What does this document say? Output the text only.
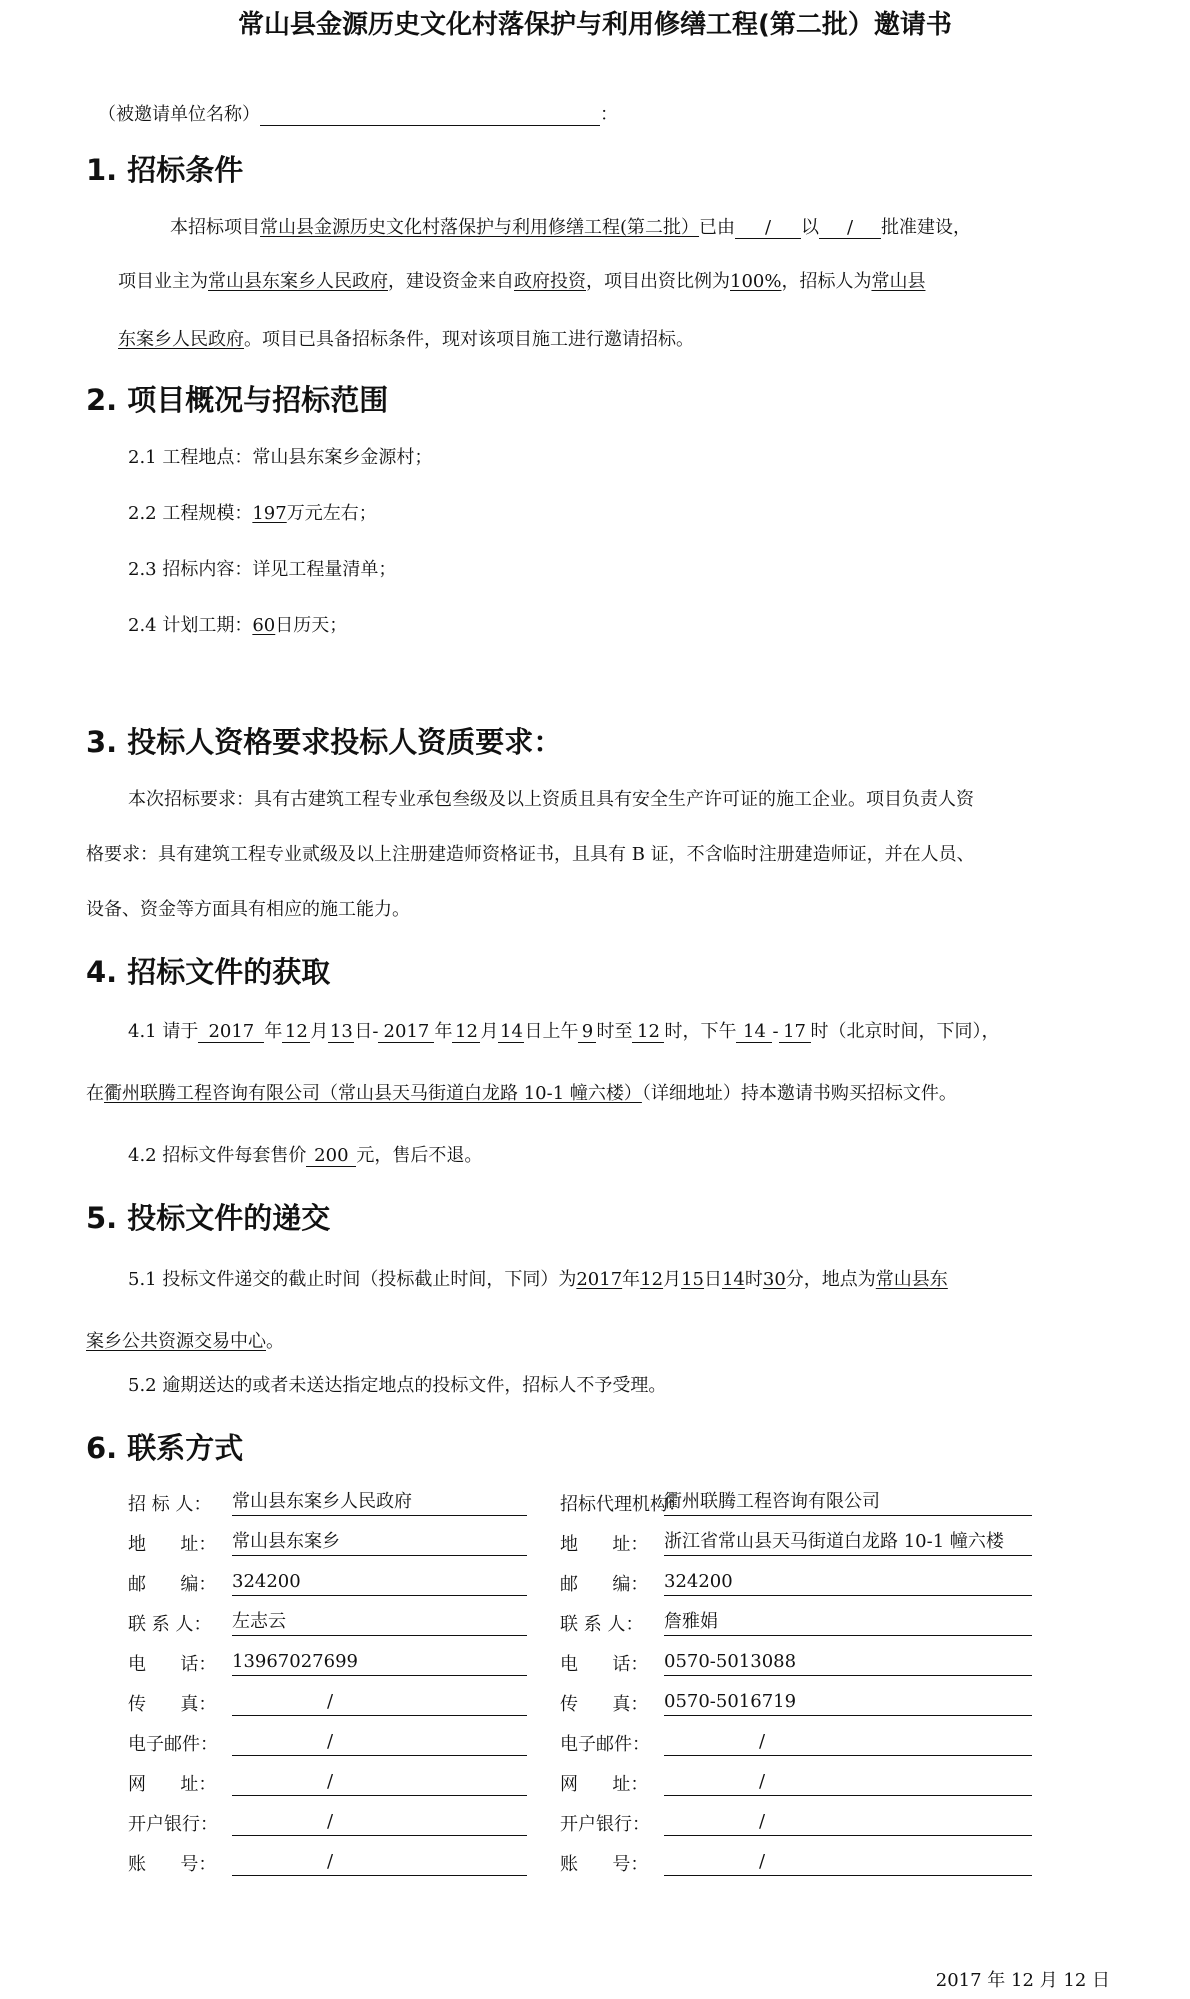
常山县金源历史文化村落保护与利用修缮工程(第二批）邀请书
（被邀请单位名称）	：
1. 招标条件
本招标项目常山县金源历史文化村落保护与利用修缮工程(第二批）已由 / 以 / 批准建设，
项目业主为常山县东案乡人民政府，建设资金来自政府投资，项目出资比例为100%，招标人为常山县
东案乡人民政府。项目已具备招标条件，现对该项目施工进行邀请招标。
2. 项目概况与招标范围
2.1 工程地点：常山县东案乡金源村；
2.2 工程规模：197万元左右；
2.3 招标内容：详见工程量清单；
2.4 计划工期：60日历天；
3. 投标人资格要求投标人资质要求：
本次招标要求：具有古建筑工程专业承包叁级及以上资质且具有安全生产许可证的施工企业。项目负责人资
格要求：具有建筑工程专业贰级及以上注册建造师资格证书，且具有 B 证，不含临时注册建造师证，并在人员、
设备、资金等方面具有相应的施工能力。
4. 招标文件的获取
4.1 请于 2017 年 12 月13日- 2017 年 12 月14日上午 9 时至 12 时，下午 14 - 17 时（北京时间，下同），
在衢州联腾工程咨询有限公司（常山县天马街道白龙路 10-1 幢六楼）（详细地址）持本邀请书购买招标文件。
4.2 招标文件每套售价 200 元，售后不退。
5. 投标文件的递交
5.1 投标文件递交的截止时间（投标截止时间，下同）为2017年12月15日14时30分，地点为常山县东
案乡公共资源交易中心。
5.2 逾期送达的或者未送达指定地点的投标文件，招标人不予受理。
6. 联系方式
招 标 人：	常山县东案乡人民政府
地      址： 常山县东案乡
邮      编： 324200
联 系 人：	左志云
电      话： 13967027699
传      真：	/
电子邮件：	/
网      址：	/
开户银行：	/
账      号：	/
招标代理机构：
衢州联腾工程咨询有限公司
地      址： 浙江省常山县天马街道白龙路 10-1 幢六楼
邮      编： 324200
联 系 人：	詹雅娟
电      话： 0570-5013088
传      真： 0570-5016719
电子邮件：	/
网      址：	/
开户银行：	/
账      号：	/
2017 年 12 月 12 日
